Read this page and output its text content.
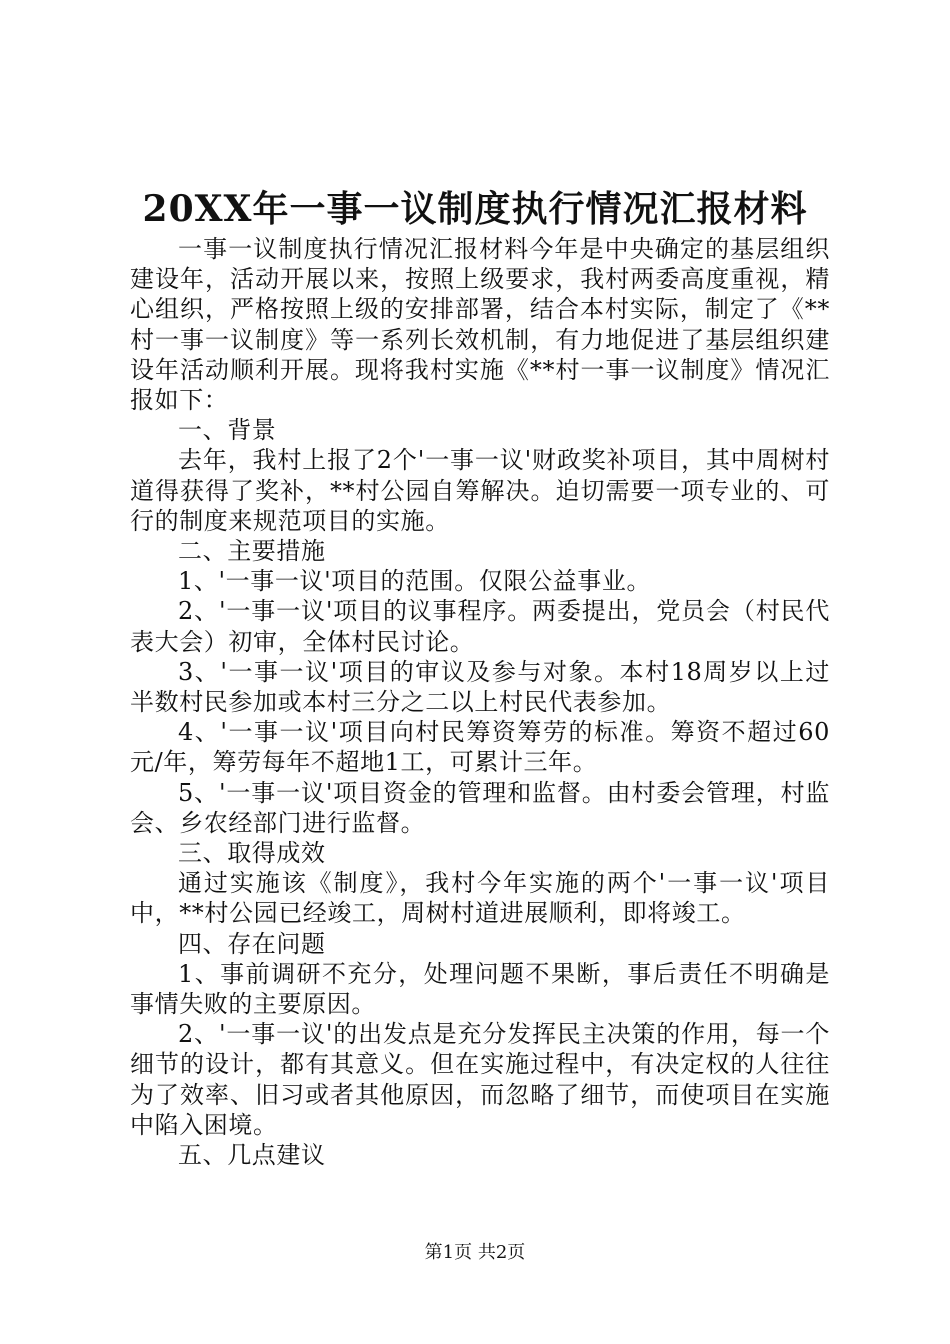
20XX年一事一议制度执行情况汇报材料

一事一议制度执行情况汇报材料今年是中央确定的基层组织建设年，活动开展以来，按照上级要求，我村两委高度重视，精心组织，严格按照上级的安排部署，结合本村实际，制定了《**村一事一议制度》等一系列长效机制，有力地促进了基层组织建设年活动顺利开展。现将我村实施《**村一事一议制度》情况汇报如下：

一、背景

去年，我村上报了2个'一事一议'财政奖补项目，其中周树村道得获得了奖补，**村公园自筹解决。迫切需要一项专业的、可行的制度来规范项目的实施。

二、主要措施

1、'一事一议'项目的范围。仅限公益事业。

2、'一事一议'项目的议事程序。两委提出，党员会（村民代表大会）初审，全体村民讨论。

3、'一事一议'项目的审议及参与对象。本村18周岁以上过半数村民参加或本村三分之二以上村民代表参加。

4、'一事一议'项目向村民筹资筹劳的标准。筹资不超过60元/年，筹劳每年不超地1工，可累计三年。

5、'一事一议'项目资金的管理和监督。由村委会管理，村监会、乡农经部门进行监督。

三、取得成效

通过实施该《制度》，我村今年实施的两个'一事一议'项目中，**村公园已经竣工，周树村道进展顺利，即将竣工。

四、存在问题

1、事前调研不充分，处理问题不果断，事后责任不明确是事情失败的主要原因。

2、'一事一议'的出发点是充分发挥民主决策的作用，每一个细节的设计，都有其意义。但在实施过程中，有决定权的人往往为了效率、旧习或者其他原因，而忽略了细节，而使项目在实施中陷入困境。

五、几点建议

第1页 共2页
